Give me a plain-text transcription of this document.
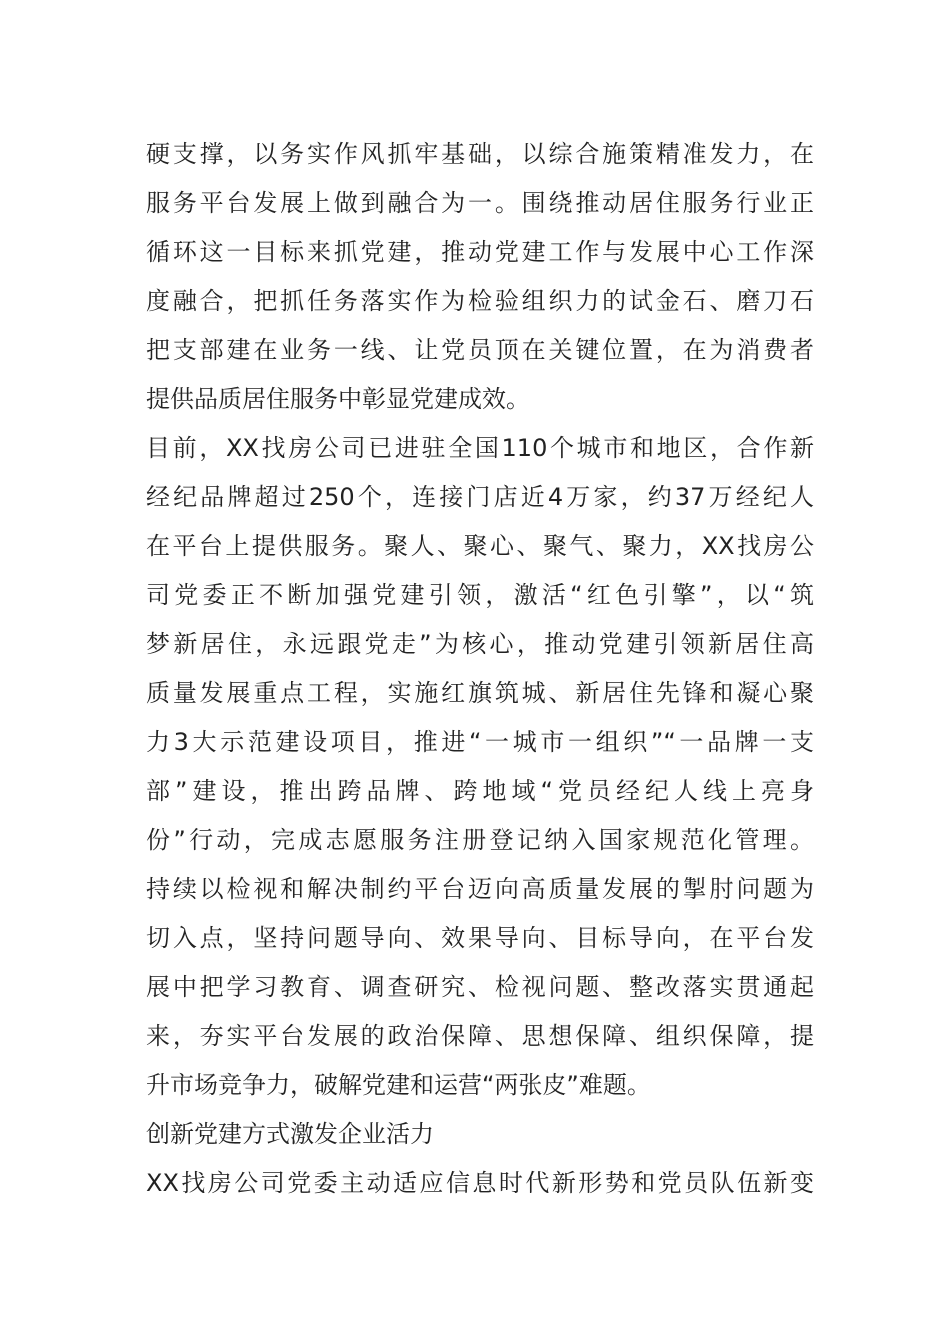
硬支撑，以务实作风抓牢基础，以综合施策精准发力，在
服务平台发展上做到融合为一。围绕推动居住服务行业正
循环这一目标来抓党建，推动党建工作与发展中心工作深
度融合，把抓任务落实作为检验组织力的试金石、磨刀石
把支部建在业务一线、让党员顶在关键位置，在为消费者
提供品质居住服务中彰显党建成效。
目前，XX找房公司已进驻全国110个城市和地区，合作新
经纪品牌超过250个，连接门店近4万家，约37万经纪人
在平台上提供服务。聚人、聚心、聚气、聚力，XX找房公
司党委正不断加强党建引领，激活“红色引擎”，以“筑
梦新居住，永远跟党走”为核心，推动党建引领新居住高
质量发展重点工程，实施红旗筑城、新居住先锋和凝心聚
力3大示范建设项目，推进“一城市一组织”“一品牌一支
部”建设，推出跨品牌、跨地域“党员经纪人线上亮身
份”行动，完成志愿服务注册登记纳入国家规范化管理。
持续以检视和解决制约平台迈向高质量发展的掣肘问题为
切入点，坚持问题导向、效果导向、目标导向，在平台发
展中把学习教育、调查研究、检视问题、整改落实贯通起
来，夯实平台发展的政治保障、思想保障、组织保障，提
升市场竞争力，破解党建和运营“两张皮”难题。
创新党建方式激发企业活力
XX找房公司党委主动适应信息时代新形势和党员队伍新变
